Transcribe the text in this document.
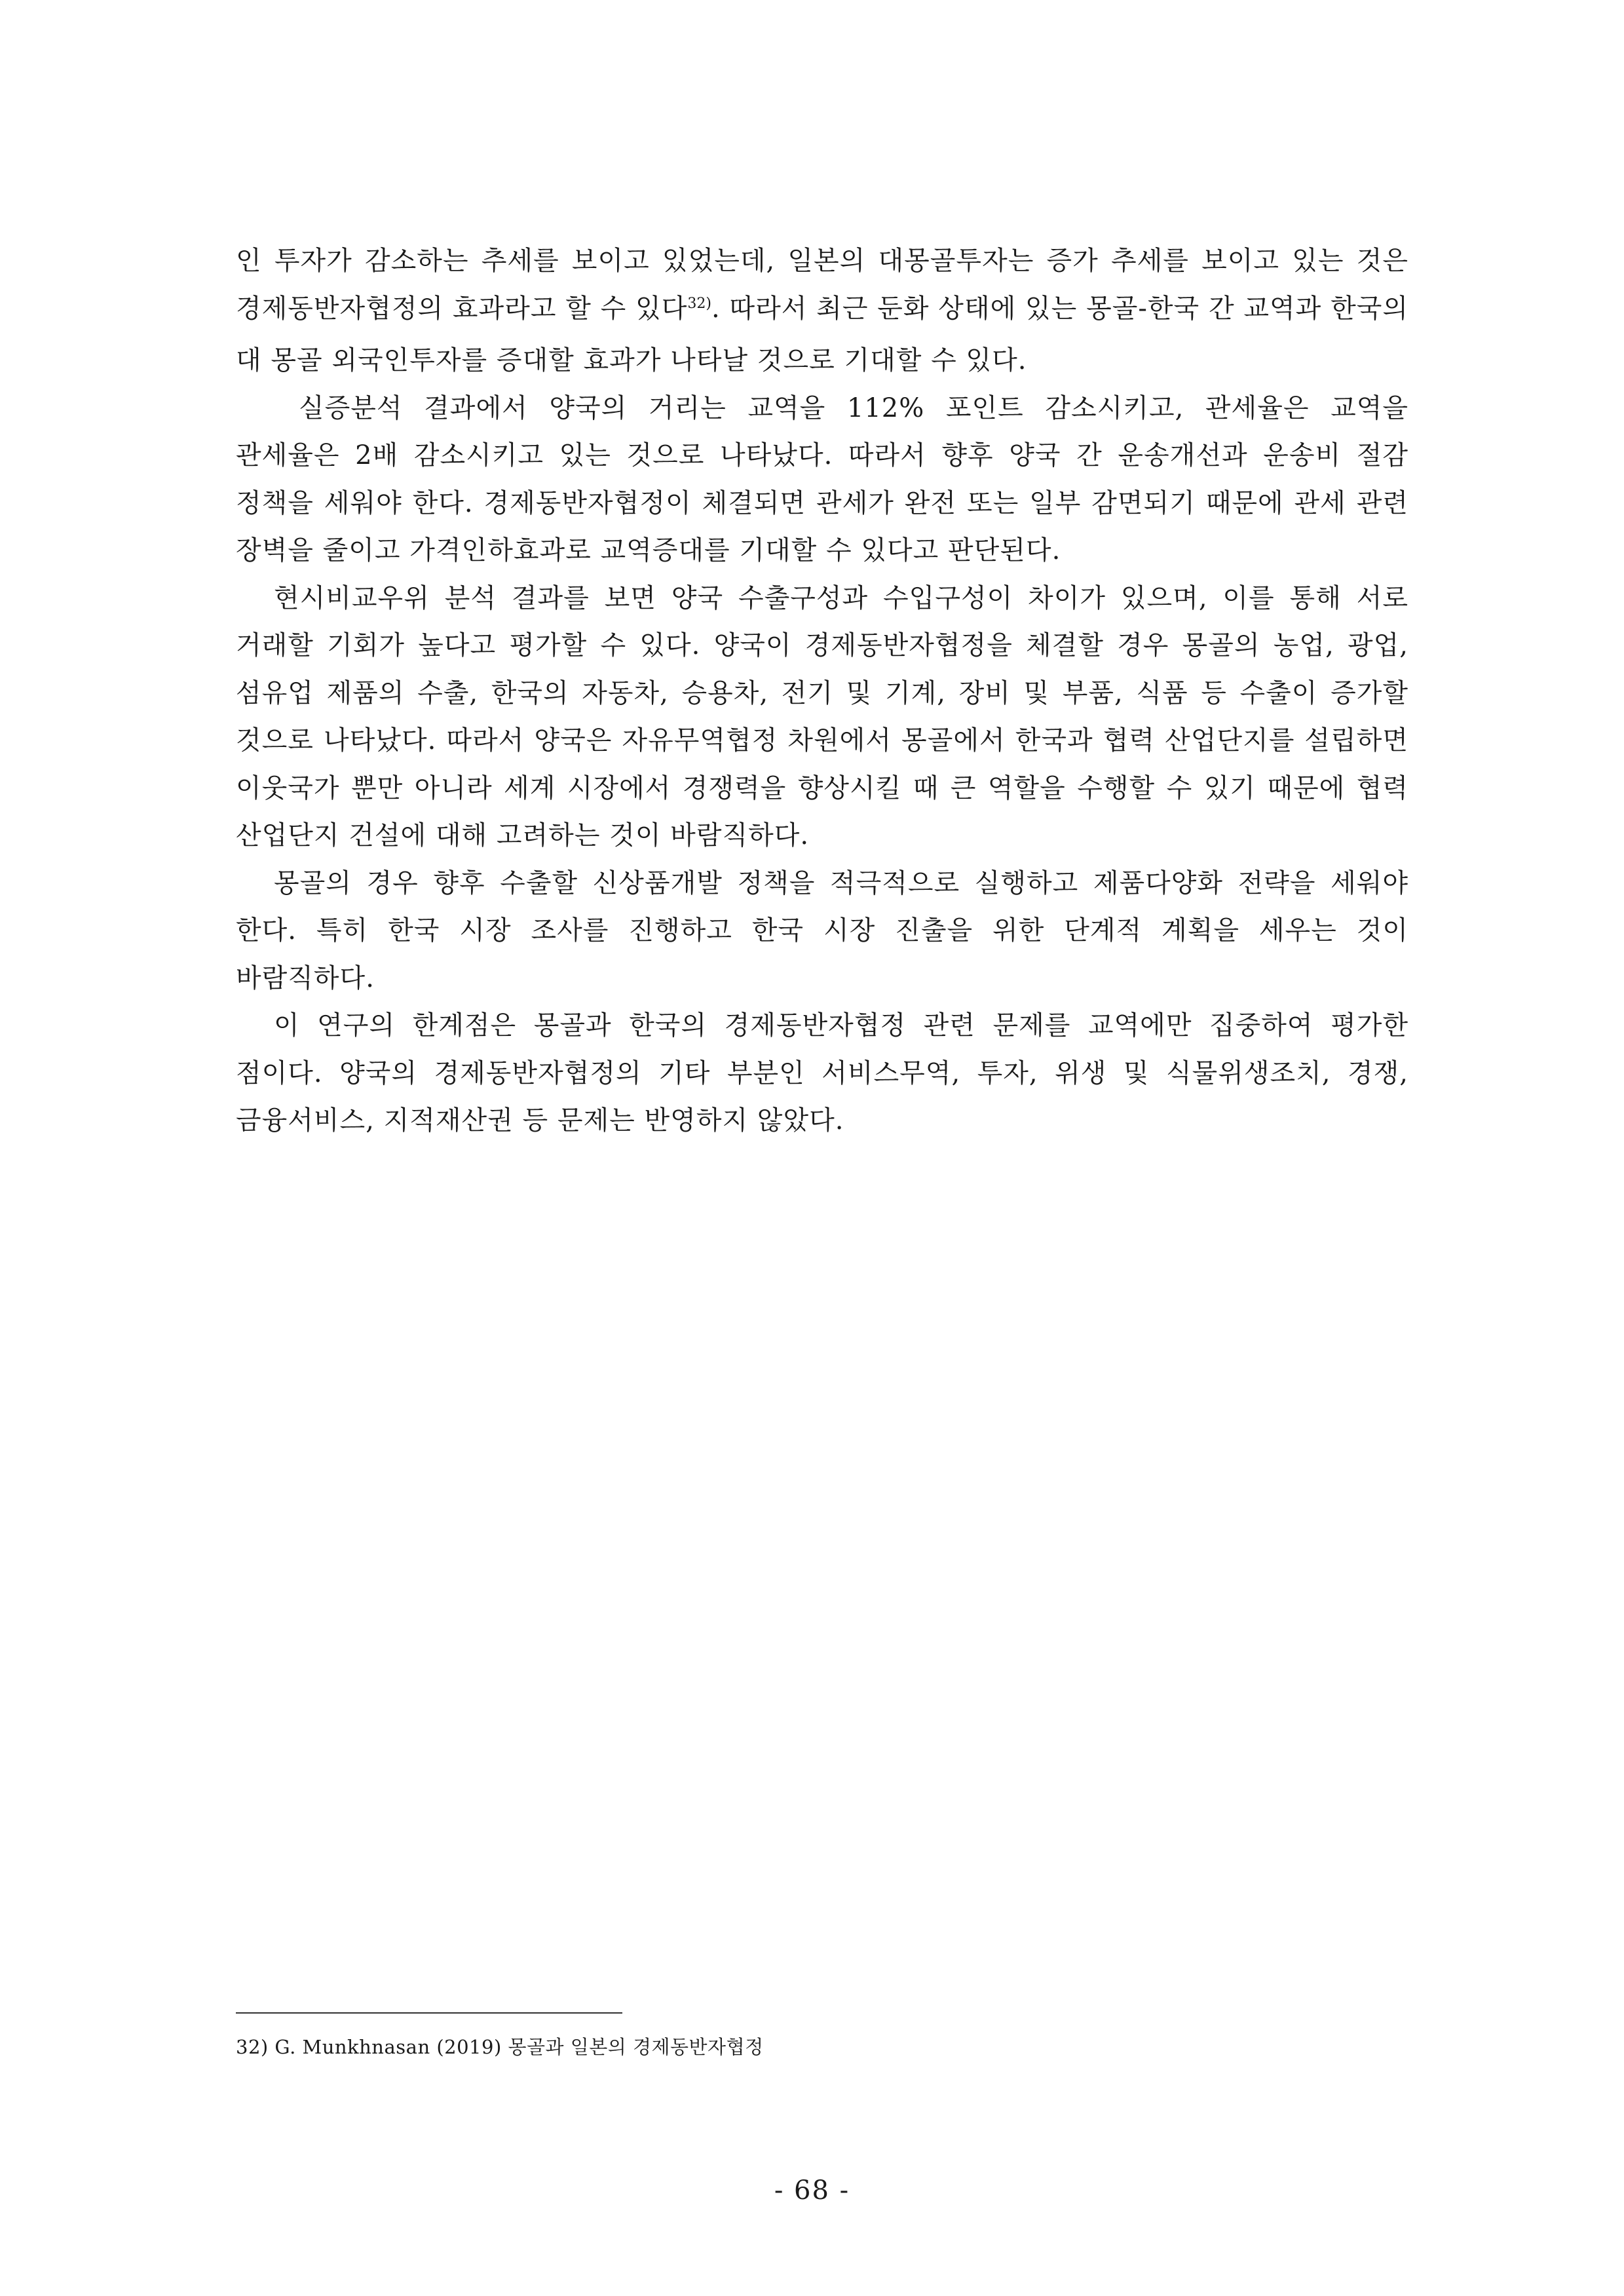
인 투자가 감소하는 추세를 보이고 있었는데, 일본의 대몽골투자는 증가 추세를 보이고 있는 것은 경제동반자협정의 효과라고 할 수 있다$^{32)}$. 따라서 최근 둔화 상태에 있는 몽골-한국 간 교역과 한국의 대 몽골 외국인투자를 증대할 효과가 나타날 것으로 기대할 수 있다.

실증분석 결과에서 양국의 거리는 교역을 112% 포인트 감소시키고, 관세율은 교역을 관세율은 2배 감소시키고 있는 것으로 나타났다. 따라서 향후 양국 간 운송개선과 운송비 절감 정책을 세워야 한다. 경제동반자협정이 체결되면 관세가 완전 또는 일부 감면되기 때문에 관세 관련 장벽을 줄이고 가격인하효과로 교역증대를 기대할 수 있다고 판단된다.

현시비교우위 분석 결과를 보면 양국 수출구성과 수입구성이 차이가 있으며, 이를 통해 서로 거래할 기회가 높다고 평가할 수 있다. 양국이 경제동반자협정을 체결할 경우 몽골의 농업, 광업, 섬유업 제품의 수출, 한국의 자동차, 승용차, 전기 및 기계, 장비 및 부품, 식품 등 수출이 증가할 것으로 나타났다. 따라서 양국은 자유무역협정 차원에서 몽골에서 한국과 협력 산업단지를 설립하면 이웃국가 뿐만 아니라 세계 시장에서 경쟁력을 향상시킬 때 큰 역할을 수행할 수 있기 때문에 협력 산업단지 건설에 대해 고려하는 것이 바람직하다.

몽골의 경우 향후 수출할 신상품개발 정책을 적극적으로 실행하고 제품다양화 전략을 세워야 한다. 특히 한국 시장 조사를 진행하고 한국 시장 진출을 위한 단계적 계획을 세우는 것이 바람직하다.

이 연구의 한계점은 몽골과 한국의 경제동반자협정 관련 문제를 교역에만 집중하여 평가한 점이다. 양국의 경제동반자협정의 기타 부분인 서비스무역, 투자, 위생 및 식물위생조치, 경쟁, 금융서비스, 지적재산권 등 문제는 반영하지 않았다.

32) G. Munkhnasan (2019) 몽골과 일본의 경제동반자협정
- 68 -
